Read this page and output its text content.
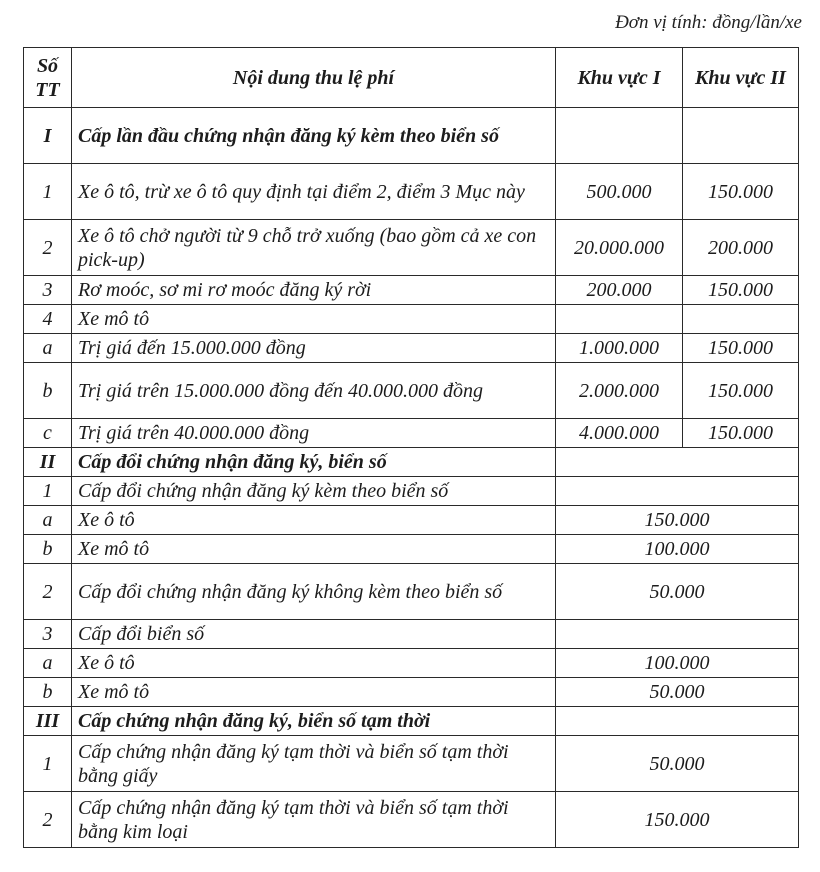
Đơn vị tính: đồng/lần/xe
Số TT	Nội dung thu lệ phí	Khu vực I	Khu vực II
I	Cấp lần đầu chứng nhận đăng ký kèm theo biển số		
1	Xe ô tô, trừ xe ô tô quy định tại điểm 2, điểm 3 Mục này	500.000	150.000
2	Xe ô tô chở người từ 9 chỗ trở xuống (bao gồm cả xe con pick-up)	20.000.000	200.000
3	Rơ moóc, sơ mi rơ moóc đăng ký rời	200.000	150.000
4	Xe mô tô		
a	Trị giá đến 15.000.000 đồng	1.000.000	150.000
b	Trị giá trên 15.000.000 đồng đến 40.000.000 đồng	2.000.000	150.000
c	Trị giá trên 40.000.000 đồng	4.000.000	150.000
II	Cấp đổi chứng nhận đăng ký, biển số		
1	Cấp đổi chứng nhận đăng ký kèm theo biển số		
a	Xe ô tô	150.000	
b	Xe mô tô	100.000	
2	Cấp đổi chứng nhận đăng ký không kèm theo biển số	50.000	
3	Cấp đổi biển số		
a	Xe ô tô	100.000	
b	Xe mô tô	50.000	
III	Cấp chứng nhận đăng ký, biển số tạm thời		
1	Cấp chứng nhận đăng ký tạm thời và biển số tạm thời bằng giấy	50.000	
2	Cấp chứng nhận đăng ký tạm thời và biển số tạm thời bằng kim loại	150.000	
